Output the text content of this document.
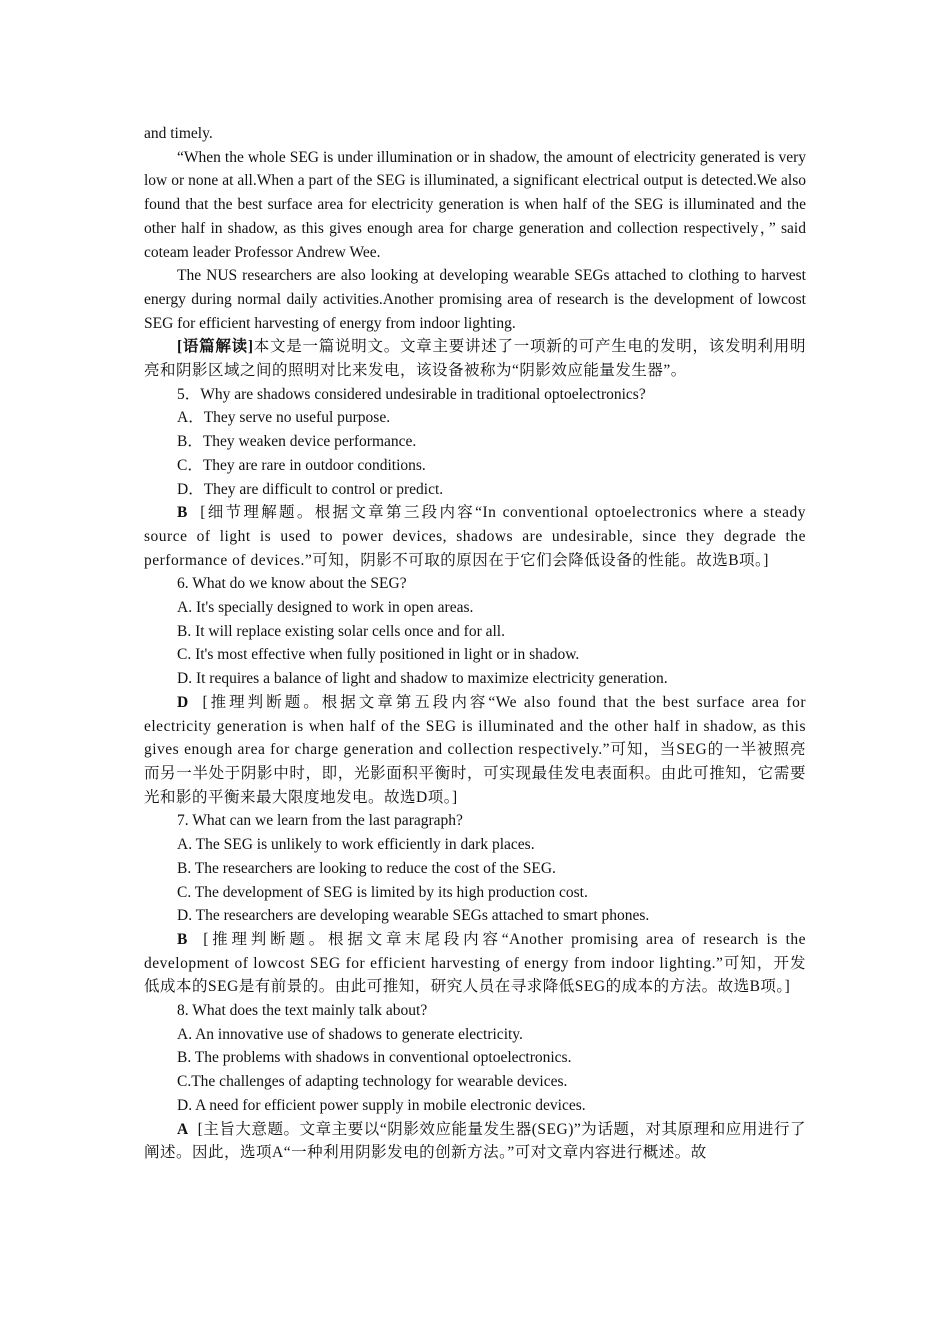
and timely.

“When the whole SEG is under illumination or in shadow, the amount of electricity generated is very low or none at all.When a part of the SEG is illuminated, a significant electrical output is detected.We also found that the best surface area for electricity generation is when half of the SEG is illuminated and the other half in shadow, as this gives enough area for charge generation and collection respectively，” said coteam leader Professor Andrew Wee.

The NUS researchers are also looking at developing wearable SEGs attached to clothing to harvest energy during normal daily activities.Another promising area of research is the development of lowcost SEG for efficient harvesting of energy from indoor lighting.

[语篇解读]本文是一篇说明文。文章主要讲述了一项新的可产生电的发明，该发明利用明亮和阴影区域之间的照明对比来发电，该设备被称为“阴影效应能量发生器”。

5．Why are shadows considered undesirable in traditional optoelectronics?

A．They serve no useful purpose.

B．They weaken device performance.

C．They are rare in outdoor conditions.

D．They are difficult to control or predict.

B [细节理解题。根据文章第三段内容“In conventional optoelectronics where a steady source of light is used to power devices, shadows are undesirable, since they degrade the performance of devices.”可知，阴影不可取的原因在于它们会降低设备的性能。故选B项。]

6. What do we know about the SEG?

A. It's specially designed to work in open areas.

B. It will replace existing solar cells once and for all.

C. It's most effective when fully positioned in light or in shadow.

D. It requires a balance of light and shadow to maximize electricity generation.

D [推理判断题。根据文章第五段内容“We also found that the best surface area for electricity generation is when half of the SEG is illuminated and the other half in shadow, as this gives enough area for charge generation and collection respectively.”可知，当SEG的一半被照亮而另一半处于阴影中时，即，光影面积平衡时，可实现最佳发电表面积。由此可推知，它需要光和影的平衡来最大限度地发电。故选D项。]

7. What can we learn from the last paragraph?

A. The SEG is unlikely to work efficiently in dark places.

B. The researchers are looking to reduce the cost of the SEG.

C. The development of SEG is limited by its high production cost.

D. The researchers are developing wearable SEGs attached to smart phones.

B [推理判断题。根据文章末尾段内容“Another promising area of research is the development of lowcost SEG for efficient harvesting of energy from indoor lighting.”可知，开发低成本的SEG是有前景的。由此可推知，研究人员在寻求降低SEG的成本的方法。故选B项。]

8. What does the text mainly talk about?

A. An innovative use of shadows to generate electricity.

B. The problems with shadows in conventional optoelectronics.

C.The challenges of adapting technology for wearable devices.

D. A need for efficient power supply in mobile electronic devices.

A [主旨大意题。文章主要以“阴影效应能量发生器(SEG)”为话题，对其原理和应用进行了阐述。因此，选项A“一种利用阴影发电的创新方法。”可对文章内容进行概述。故
